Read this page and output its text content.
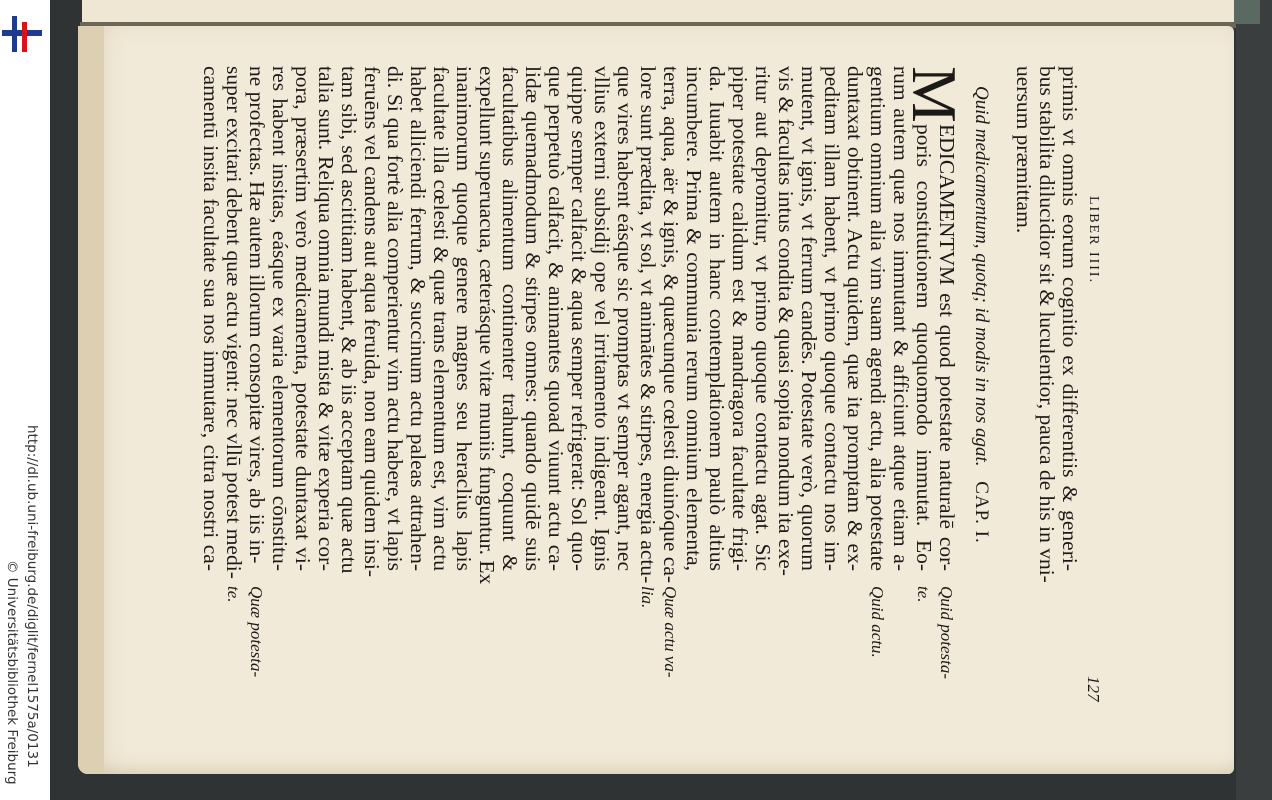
http://dl.ub.uni-freiburg.de/diglit/fernel1575a/0131
© Universitätsbibliothek Freiburg
LIBER IIII.
127
primis vt omnis eorum cognitio ex differentiis & generi-
bus stabilita dilucidior sit & luculentior, pauca de his in vni-
uersum præmittam.
Quid medicamentum, quotq; id modis in nos agat. CAP. I.
M
EDICAMENTVM est quod potestate naturalē cor-
poris constitutionem quoquomodo immutat. Eo-
rum autem quæ nos immutant & afficiunt atque etiam a-
gentium omnium alia vim suam agendi actu, alia potestate
duntaxat obtinent. Actu quidem, quæ ita promptam & ex-
peditam illam habent, vt primo quoque contactu nos im-
mutent, vt ignis, vt ferrum candēs. Potestate verò, quorum
vis & facultas intus condita & quasi sopita nondum ita exe-
ritur aut depromitur, vt primo quoque contactu agat. Sic
piper potestate calidum est & mandragora facultate frigi-
da. Iuuabit autem in hanc contemplationem paulò altius
incumbere. Prima & communia rerum omnium elementa,
terra, aqua, aër & ignis, & quæcunque cœlesti diuinóque ca-
lore sunt prædita, vt sol, vt animātes & stirpes, energia actu-
que vires habent eásque sic promptas vt semper agant, nec
vllius externi subsidij ope vel irritamento indigeant. Ignis
quippe semper calfacit & aqua semper refrigerat: Sol quo-
que perpetuò calfacit, & animantes quoad viuunt actu ca-
lidæ quemadmodum & stirpes omnes: quando quidē suis
facultatibus alimentum continenter trahunt, coquunt &
expellunt superuacua, cæterásque vitæ muniis funguntur. Ex
inanimorum quoque genere magnes seu heraclius lapis
facultate illa cœlesti & quæ trans elementum est, vim actu
habet alliciendi ferrum, & succinum actu paleas attrahen-
di. Si qua fortè alia comperientur vim actu habere, vt lapis
feruēns vel candens aut aqua feruida, non eam quidem insi-
tam sibi, sed ascititiam habent, & ab iis acceptam quæ actu
talia sunt. Reliqua omnia mundi mista & vitæ experia cor-
pora, præsertim verò medicamenta, potestate duntaxat vi-
res habent insitas, eásque ex varia elementorum cōnstitu-
ne profectas. Hæ autem illorum consopitæ vires, ab iis in-
super excitari debent quæ actu vigent: nec vllū potest medi-
camentū insita facultate sua nos immutare, citra nostri ca-
Quid potesta-
te.
Quid actu.
Quæ actu va-
lia.
Quæ potesta-
te.
